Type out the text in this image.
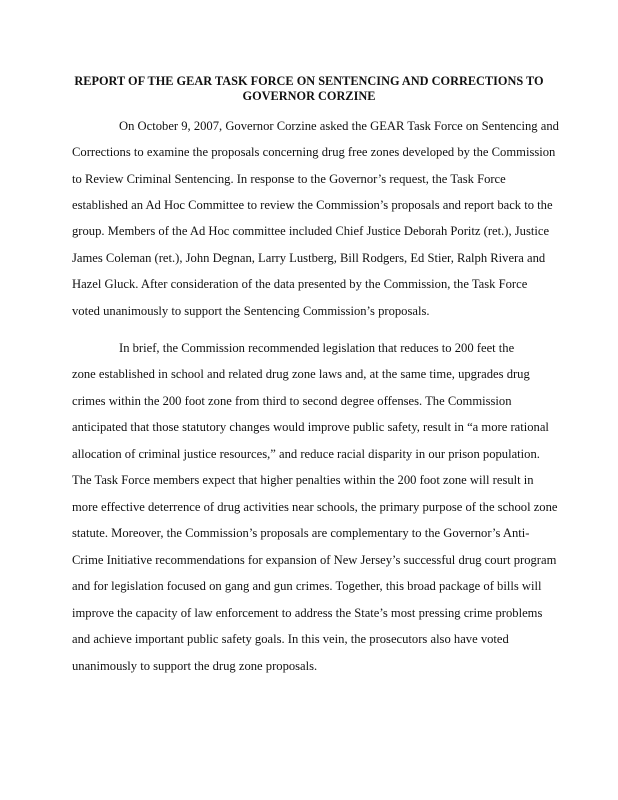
REPORT OF THE GEAR TASK FORCE ON SENTENCING AND CORRECTIONS TO
GOVERNOR CORZINE

On October 9, 2007, Governor Corzine asked the GEAR Task Force on Sentencing and

Corrections to examine the proposals concerning drug free zones developed by the Commission

to Review Criminal Sentencing. In response to the Governor’s request, the Task Force

established an Ad Hoc Committee to review the Commission’s proposals and report back to the

group. Members of the Ad Hoc committee included Chief Justice Deborah Poritz (ret.), Justice

James Coleman (ret.), John Degnan, Larry Lustberg, Bill Rodgers, Ed Stier, Ralph Rivera and

Hazel Gluck. After consideration of the data presented by the Commission, the Task Force

voted unanimously to support the Sentencing Commission’s proposals.

In brief, the Commission recommended legislation that reduces to 200 feet the

zone established in school and related drug zone laws and, at the same time, upgrades drug

crimes within the 200 foot zone from third to second degree offenses. The Commission

anticipated that those statutory changes would improve public safety, result in “a more rational

allocation of criminal justice resources,” and reduce racial disparity in our prison population.

The Task Force members expect that higher penalties within the 200 foot zone will result in

more effective deterrence of drug activities near schools, the primary purpose of the school zone

statute. Moreover, the Commission’s proposals are complementary to the Governor’s Anti-

Crime Initiative recommendations for expansion of New Jersey’s successful drug court program

and for legislation focused on gang and gun crimes. Together, this broad package of bills will

improve the capacity of law enforcement to address the State’s most pressing crime problems

and achieve important public safety goals. In this vein, the prosecutors also have voted

unanimously to support the drug zone proposals.
